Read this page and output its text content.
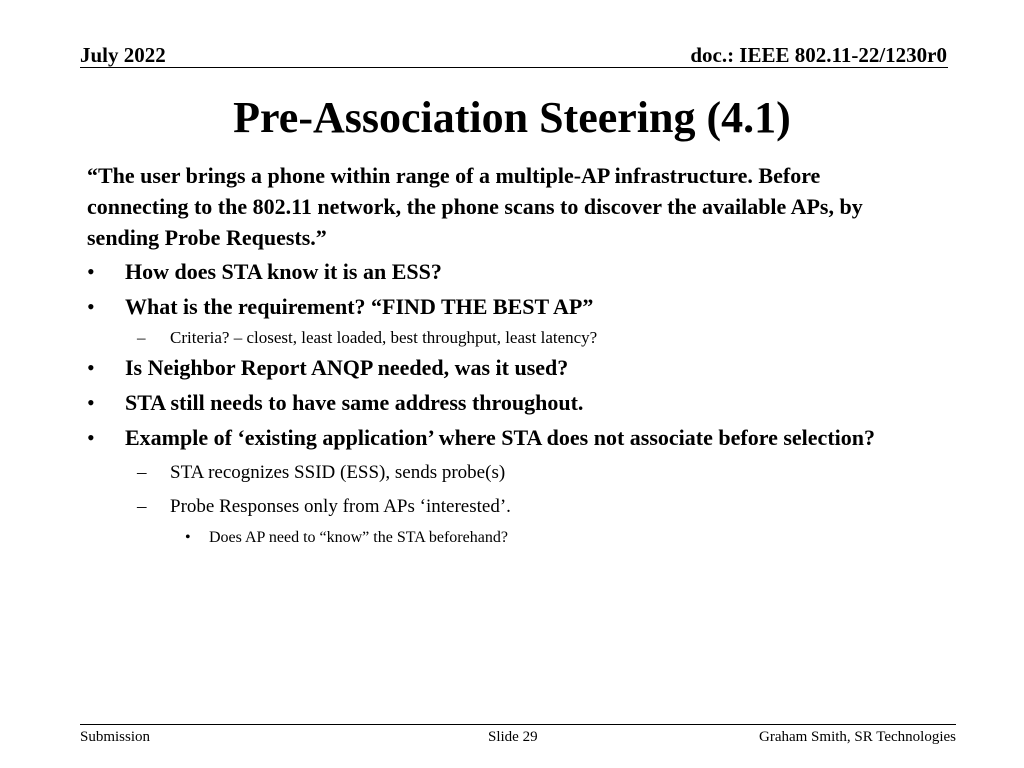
July 2022	doc.: IEEE 802.11-22/1230r0
Pre-Association Steering (4.1)
“The user brings a phone within range of a multiple-AP infrastructure. Before connecting to the 802.11 network, the phone scans to discover the available APs, by sending Probe Requests.”
• How does STA know it is an ESS?
• What is the requirement? “FIND THE BEST AP”
– Criteria? – closest, least loaded, best throughput, least latency?
• Is Neighbor Report ANQP needed, was it used?
• STA still needs to have same address throughout.
• Example of ‘existing application’ where STA does not associate before selection?
– STA recognizes SSID (ESS), sends probe(s)
– Probe Responses only from APs ‘interested’.
• Does AP need to “know” the STA beforehand?
Submission	Slide 29	Graham Smith, SR Technologies
